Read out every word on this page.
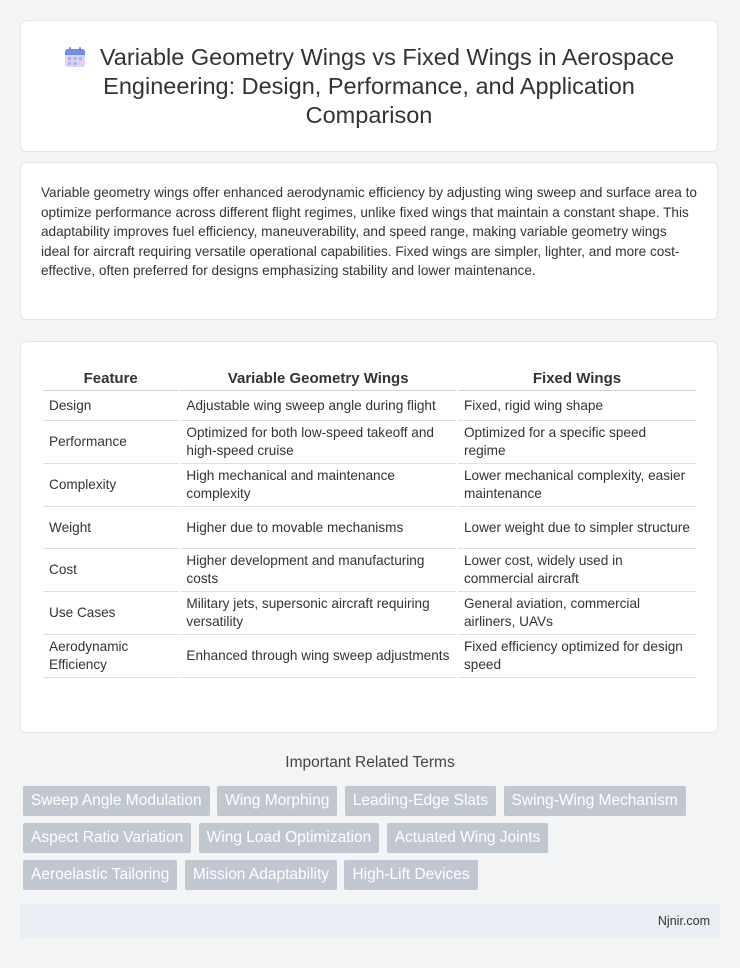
Variable Geometry Wings vs Fixed Wings in Aerospace Engineering: Design, Performance, and Application Comparison

Variable geometry wings offer enhanced aerodynamic efficiency by adjusting wing sweep and surface area to optimize performance across different flight regimes, unlike fixed wings that maintain a constant shape. This adaptability improves fuel efficiency, maneuverability, and speed range, making variable geometry wings ideal for aircraft requiring versatile operational capabilities. Fixed wings are simpler, lighter, and more cost-effective, often preferred for designs emphasizing stability and lower maintenance.

Feature	Variable Geometry Wings	Fixed Wings
Design	Adjustable wing sweep angle during flight	Fixed, rigid wing shape
Performance	Optimized for both low-speed takeoff and high-speed cruise	Optimized for a specific speed regime
Complexity	High mechanical and maintenance complexity	Lower mechanical complexity, easier maintenance
Weight	Higher due to movable mechanisms	Lower weight due to simpler structure
Cost	Higher development and manufacturing costs	Lower cost, widely used in commercial aircraft
Use Cases	Military jets, supersonic aircraft requiring versatility	General aviation, commercial airliners, UAVs
Aerodynamic Efficiency	Enhanced through wing sweep adjustments	Fixed efficiency optimized for design speed
Important Related Terms
Sweep Angle Modulation Wing Morphing Leading-Edge Slats Swing-Wing Mechanism Aspect Ratio Variation Wing Load Optimization Actuated Wing Joints Aeroelastic Tailoring Mission Adaptability High-Lift Devices
Njnir.com
